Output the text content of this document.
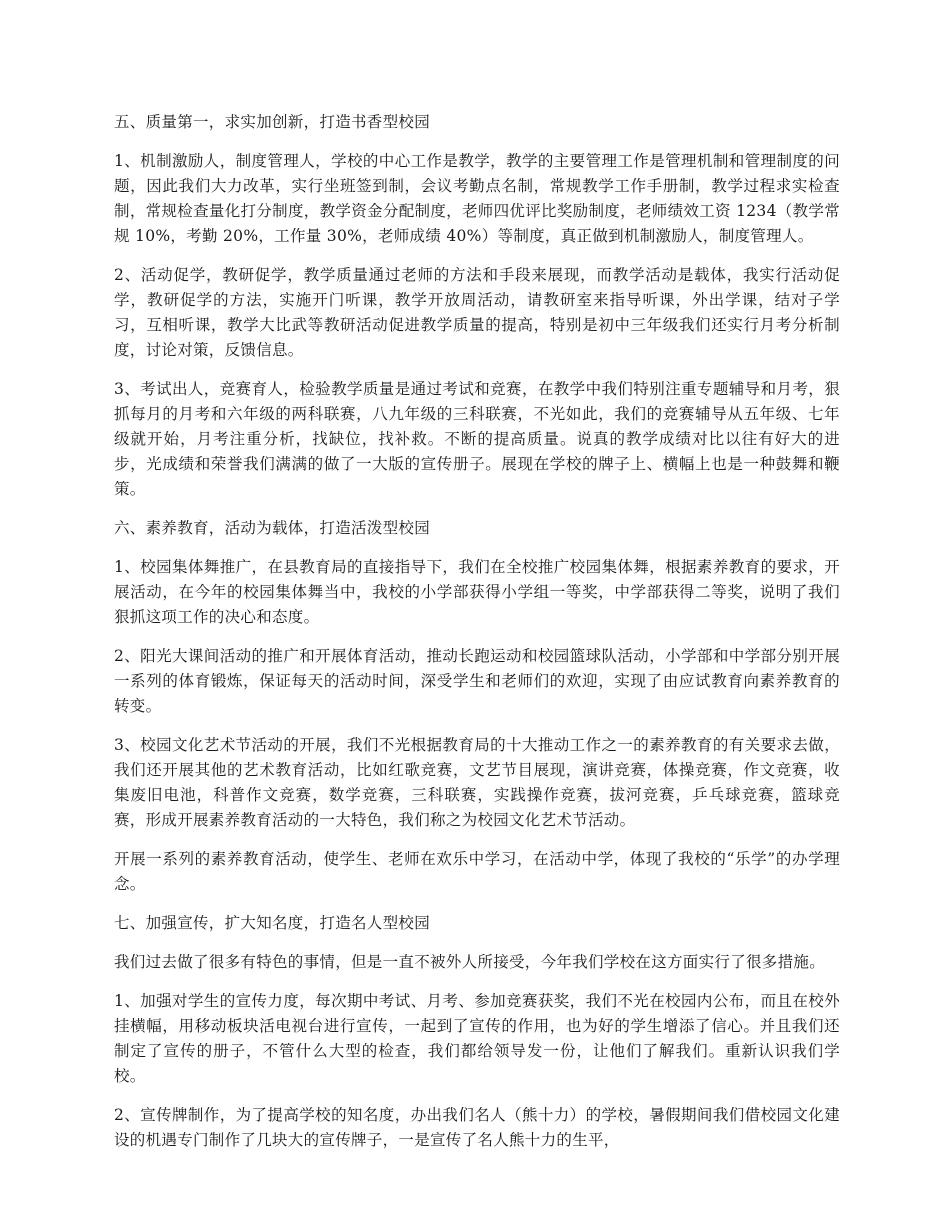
五、质量第一，求实加创新，打造书香型校园

1、机制激励人，制度管理人，学校的中心工作是教学，教学的主要管理工作是管理机制和管理制度的问题，因此我们大力改革，实行坐班签到制，会议考勤点名制，常规教学工作手册制，教学过程求实检查制，常规检查量化打分制度，教学资金分配制度，老师四优评比奖励制度，老师绩效工资 1234（教学常规 10%，考勤 20%，工作量 30%，老师成绩 40%）等制度，真正做到机制激励人，制度管理人。

2、活动促学，教研促学，教学质量通过老师的方法和手段来展现，而教学活动是载体，我实行活动促学，教研促学的方法，实施开门听课，教学开放周活动，请教研室来指导听课，外出学课，结对子学习，互相听课，教学大比武等教研活动促进教学质量的提高，特别是初中三年级我们还实行月考分析制度，讨论对策，反馈信息。

3、考试出人，竞赛育人，检验教学质量是通过考试和竞赛，在教学中我们特别注重专题辅导和月考，狠抓每月的月考和六年级的两科联赛，八九年级的三科联赛，不光如此，我们的竞赛辅导从五年级、七年级就开始，月考注重分析，找缺位，找补救。不断的提高质量。说真的教学成绩对比以往有好大的进步，光成绩和荣誉我们满满的做了一大版的宣传册子。展现在学校的牌子上、横幅上也是一种鼓舞和鞭策。

六、素养教育，活动为载体，打造活泼型校园

1、校园集体舞推广，在县教育局的直接指导下，我们在全校推广校园集体舞，根据素养教育的要求，开展活动，在今年的校园集体舞当中，我校的小学部获得小学组一等奖，中学部获得二等奖，说明了我们狠抓这项工作的决心和态度。

2、阳光大课间活动的推广和开展体育活动，推动长跑运动和校园篮球队活动，小学部和中学部分别开展一系列的体育锻炼，保证每天的活动时间，深受学生和老师们的欢迎，实现了由应试教育向素养教育的转变。

3、校园文化艺术节活动的开展，我们不光根据教育局的十大推动工作之一的素养教育的有关要求去做，我们还开展其他的艺术教育活动，比如红歌竞赛，文艺节目展现，演讲竞赛，体操竞赛，作文竞赛，收集废旧电池，科普作文竞赛，数学竞赛，三科联赛，实践操作竞赛，拔河竞赛，乒乓球竞赛，篮球竞赛，形成开展素养教育活动的一大特色，我们称之为校园文化艺术节活动。

开展一系列的素养教育活动，使学生、老师在欢乐中学习，在活动中学，体现了我校的“乐学”的办学理念。

七、加强宣传，扩大知名度，打造名人型校园

我们过去做了很多有特色的事情，但是一直不被外人所接受，今年我们学校在这方面实行了很多措施。

1、加强对学生的宣传力度，每次期中考试、月考、参加竞赛获奖，我们不光在校园内公布，而且在校外挂横幅，用移动板块活电视台进行宣传，一起到了宣传的作用，也为好的学生增添了信心。并且我们还制定了宣传的册子，不管什么大型的检查，我们都给领导发一份，让他们了解我们。重新认识我们学校。

2、宣传牌制作，为了提高学校的知名度，办出我们名人（熊十力）的学校，暑假期间我们借校园文化建设的机遇专门制作了几块大的宣传牌子，一是宣传了名人熊十力的生平，
